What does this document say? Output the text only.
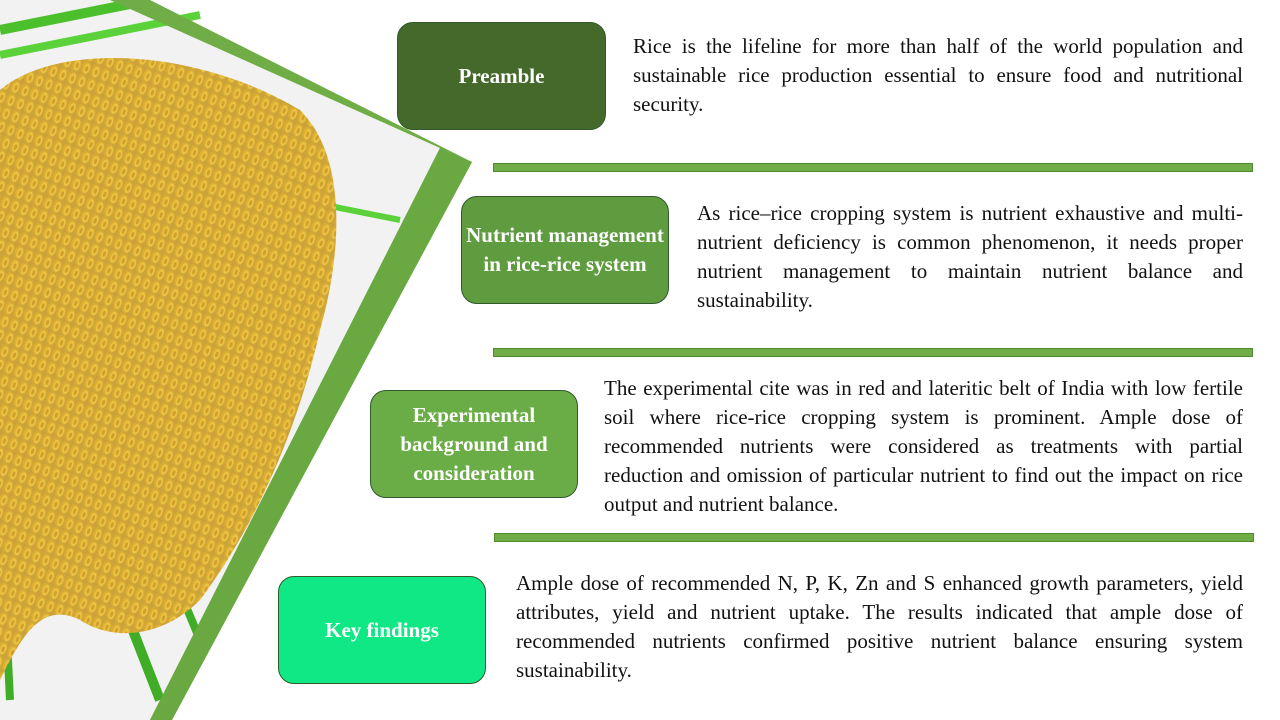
Preamble
Rice is the lifeline for more than half of the world population and sustainable rice production essential to ensure food and nutritional security.
Nutrient management in rice-rice system
As rice–rice cropping system is nutrient exhaustive and multi-nutrient deficiency is common phenomenon, it needs proper nutrient management to maintain nutrient balance and sustainability.
Experimental background and consideration
The experimental cite was in red and lateritic belt of India with low fertile soil where rice-rice cropping system is prominent. Ample dose of recommended nutrients were considered as treatments with partial reduction and omission of particular nutrient to find out the impact on rice output and nutrient balance.
Key findings
Ample dose of recommended N, P, K, Zn and S enhanced growth parameters, yield attributes, yield and nutrient uptake. The results indicated that ample dose of recommended nutrients confirmed positive nutrient balance ensuring system sustainability.
